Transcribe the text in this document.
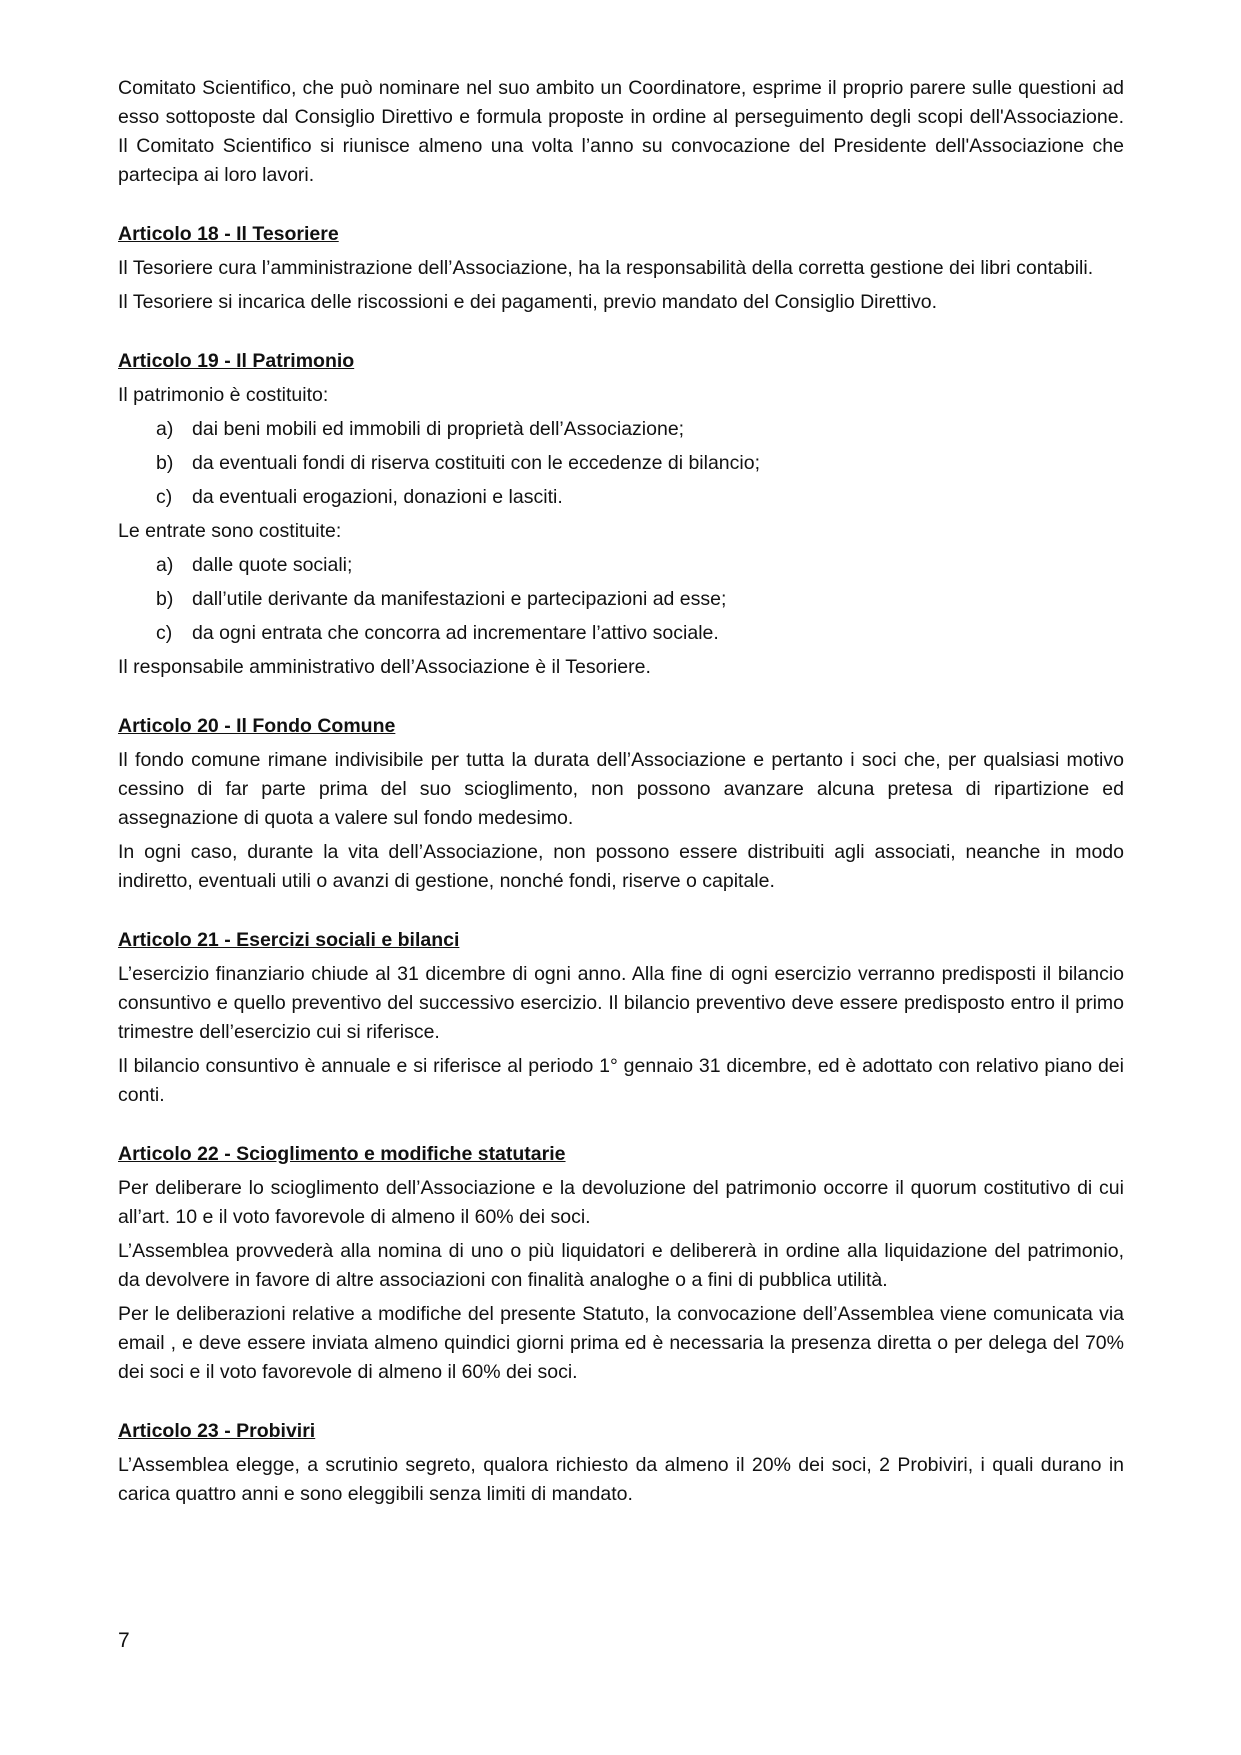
Comitato Scientifico, che può nominare nel suo ambito un Coordinatore, esprime il proprio parere sulle questioni ad esso sottoposte dal Consiglio Direttivo e formula proposte in ordine al perseguimento degli scopi dell'Associazione. Il Comitato Scientifico si riunisce almeno una volta l’anno su convocazione del Presidente dell'Associazione che partecipa ai loro lavori.

Articolo 18 - Il Tesoriere

Il Tesoriere cura l’amministrazione dell’Associazione, ha la responsabilità della corretta gestione dei libri contabili.

Il Tesoriere si incarica delle riscossioni e dei pagamenti, previo mandato del Consiglio Direttivo.

Articolo 19 - Il Patrimonio

Il patrimonio è costituito:

a) dai beni mobili ed immobili di proprietà dell’Associazione;
b) da eventuali fondi di riserva costituiti con le eccedenze di bilancio;
c)	da eventuali erogazioni, donazioni e lasciti.

Le entrate sono costituite:

a) dalle quote sociali;
b) dall’utile derivante da manifestazioni e partecipazioni ad esse;
c)	da ogni entrata che concorra ad incrementare l’attivo sociale.

Il responsabile amministrativo dell’Associazione è il Tesoriere.

Articolo 20 - Il Fondo Comune

Il fondo comune rimane indivisibile per tutta la durata dell’Associazione e pertanto i soci che, per qualsiasi motivo cessino di far parte prima del suo scioglimento, non possono avanzare alcuna pretesa di ripartizione ed assegnazione di quota a valere sul fondo medesimo.

In ogni caso, durante la vita dell’Associazione, non possono essere distribuiti agli associati, neanche in modo indiretto, eventuali utili o avanzi di gestione, nonché fondi, riserve o capitale.

Articolo 21 - Esercizi sociali e bilanci

L’esercizio finanziario chiude al 31 dicembre di ogni anno. Alla fine di ogni esercizio verranno predisposti il bilancio consuntivo e quello preventivo del successivo esercizio. Il bilancio preventivo deve essere predisposto entro il primo trimestre dell’esercizio cui si riferisce.

Il bilancio consuntivo è annuale e si riferisce al periodo 1° gennaio 31 dicembre, ed è adottato con relativo piano dei conti.

Articolo 22 - Scioglimento e modifiche statutarie

Per deliberare lo scioglimento dell’Associazione e la devoluzione del patrimonio occorre il quorum costitutivo di cui all’art. 10 e il voto favorevole di almeno il 60% dei soci.

L’Assemblea provvederà alla nomina di uno o più liquidatori e delibererà in ordine alla liquidazione del patrimonio, da devolvere in favore di altre associazioni con finalità analoghe o a fini di pubblica utilità.

Per le deliberazioni relative a modifiche del presente Statuto, la convocazione dell’Assemblea viene comunicata via email , e deve essere inviata almeno quindici giorni prima ed è necessaria la presenza diretta o per delega del 70% dei soci e il voto favorevole di almeno il 60% dei soci.

Articolo 23 - Probiviri

L’Assemblea elegge, a scrutinio segreto, qualora richiesto da almeno il 20% dei soci, 2 Probiviri, i quali durano in carica quattro anni e sono eleggibili senza limiti di mandato.

7
